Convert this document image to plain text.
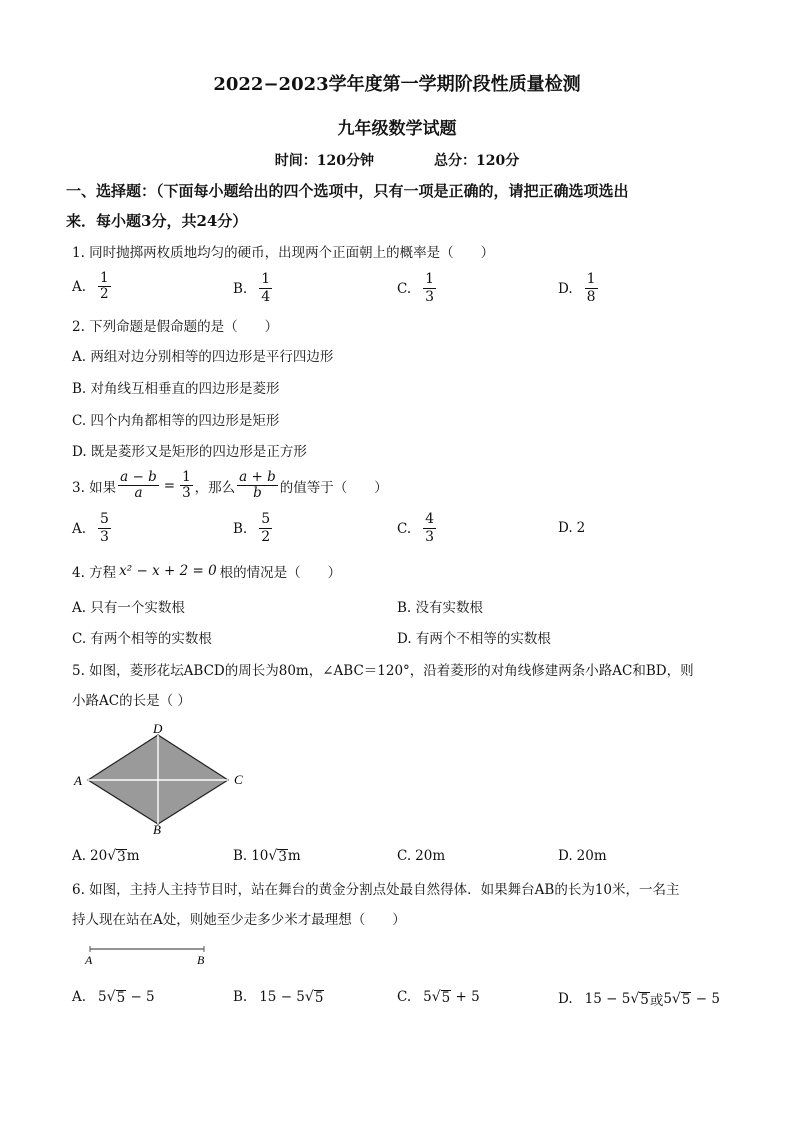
2022−2023学年度第一学期阶段性质量检测
九年级数学试题
时间：120分钟	总分：120分
一、选择题：（下面每小题给出的四个选项中，只有一项是正确的，请把正确选项选出
来．每小题3分，共24分）
1. 同时抛掷两枚质地均匀的硬币，出现两个正面朝上的概率是（　　）
A. $\frac{1}{2}$	B. $\frac{1}{4}$	C. $\frac{1}{3}$	D. $\frac{1}{8}$
2. 下列命题是假命题的是（　　）
A. 两组对边分别相等的四边形是平行四边形
B. 对角线互相垂直的四边形是菱形
C. 四个内角都相等的四边形是矩形
D. 既是菱形又是矩形的四边形是正方形
3. 如果 $\frac{a - b}{a} = \frac{1}{3}$ ，那么 $\frac{a + b}{b}$ 的值等于（　　）
A. $\frac{5}{3}$	B. $\frac{5}{2}$	C. $\frac{4}{3}$	D. 2
4. 方程 x² − x + 2 = 0 根的情况是（　　）
A. 只有一个实数根	B. 没有实数根
C. 有两个相等的实数根	D. 有两个不相等的实数根
5. 如图，菱形花坛ABCD的周长为80m，∠ABC＝120°，沿着菱形的对角线修建两条小路AC和BD，则
小路AC的长是（ ）
A
D
C
B
A. 20 √ 3 m	B. 10 √ 3 m	C. 20m	D. 20m
6. 如图，主持人主持节目时，站在舞台的黄金分割点处最自然得体．如果舞台AB的长为10米，一名主
持人现在站在A处，则她至少走多少米才最理想（　　）
A	B
A. 5 √ 5 − 5	B. 15 − 5 √ 5	C. 5 √ 5 + 5	D. 15 − 5 √ 5 或 5 √ 5 − 5
